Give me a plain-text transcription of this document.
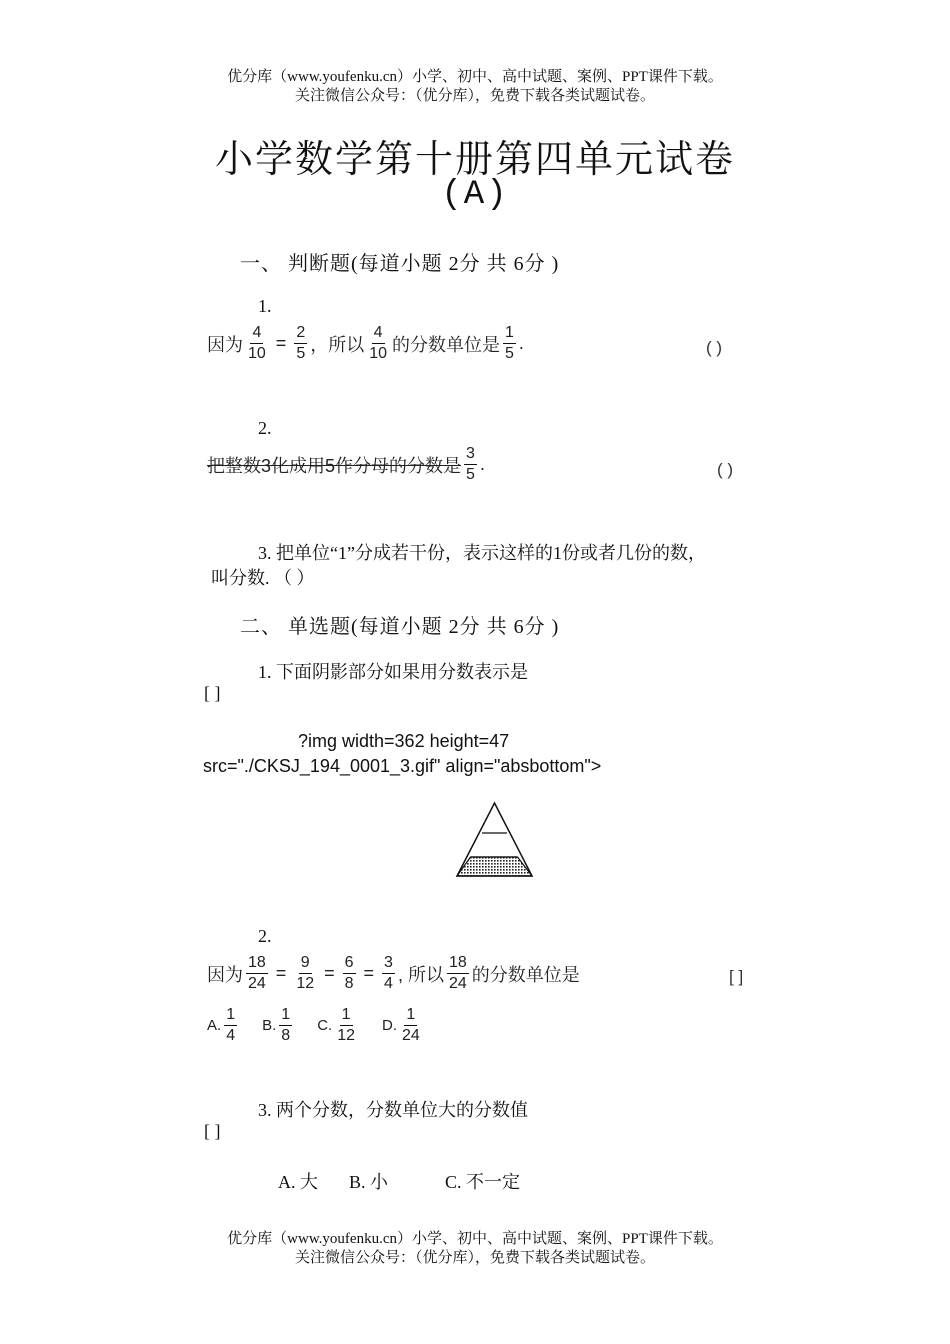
优分库（www.youfenku.cn）小学、初中、高中试题、案例、PPT课件下载。
关注微信公众号：（优分库），免费下载各类试题试卷。
小学数学第十册第四单元试卷
(A)
一、 判断题(每道小题 2分 共 6分 )
1.
因为 $\frac{4}{10} = \frac{2}{5}$ ，所以 $\frac{4}{10}$ 的分数单位是 $\frac{1}{5}$ .	( )
2.
把整数3化成用5作分母的分数是 $\frac{3}{5}$ .	( )
3. 把单位“1”分成若干份，表示这样的1份或者几份的数，
叫分数. （ ）
二、 单选题(每道小题 2分 共 6分 )
1. 下面阴影部分如果用分数表示是
[ ]
?img width=362 height=47
src="./CKSJ_194_0001_3.gif" align="absbottom">
2.
因为 $\frac{18}{24} = \frac{9}{12} = \frac{6}{8} = \frac{3}{4}$ , 所以 $\frac{18}{24}$ 的分数单位是	[ ]
A. $\frac{1}{4} B$. $\frac{1}{8} C$. $\frac{1}{12} D$. $\frac{1}{24}$
3. 两个分数，分数单位大的分数值
[ ]
A. 大 B. 小	C. 不一定
优分库（www.youfenku.cn）小学、初中、高中试题、案例、PPT课件下载。
关注微信公众号：（优分库），免费下载各类试题试卷。
